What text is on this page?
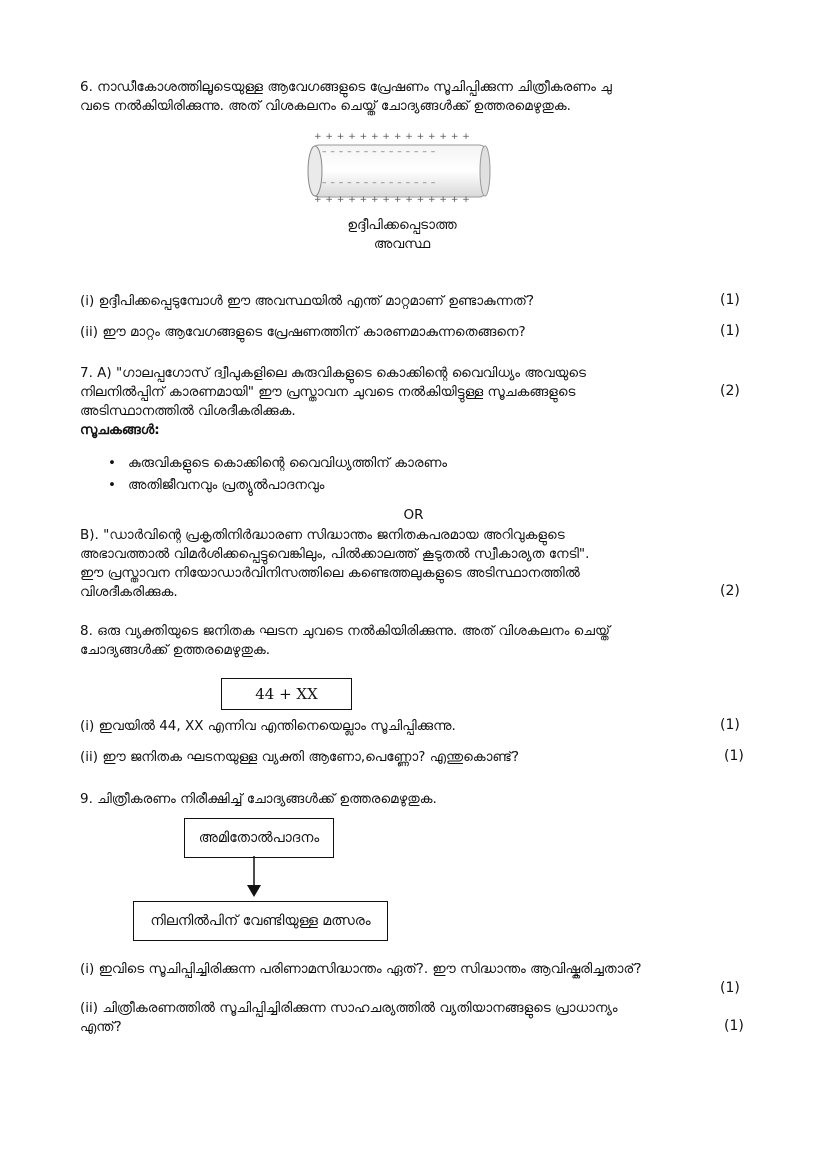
6. നാഡീകോശത്തിലൂടെയുള്ള ആവേഗങ്ങളുടെ പ്രേഷണം സൂചിപ്പിക്കുന്ന ചിത്രീകരണം ചു
വടെ നൽകിയിരിക്കുന്നു. അത് വിശകലനം ചെയ്ത് ചോദ്യങ്ങൾക്ക് ഉത്തരമെഴുതുക.
+ + + + + + + + + + + + + +
– – – – – – – – – – – – – –
– – – – – – – – – – – – – –
+ + + + + + + + + + + + + +
ഉദ്ദീപിക്കപ്പെടാത്ത
അവസ്ഥ
(i) ഉദ്ദീപിക്കപ്പെടുമ്പോൾ ഈ അവസ്ഥയിൽ എന്ത് മാറ്റമാണ് ഉണ്ടാകുന്നത്?	(1)
(ii) ഈ മാറ്റം ആവേഗങ്ങളുടെ പ്രേഷണത്തിന് കാരണമാകുന്നതെങ്ങനെ?	(1)
7. A) "ഗാലപ്പഗോസ് ദ്വീപുകളിലെ കുരുവികളുടെ കൊക്കിന്റെ വൈവിധ്യം അവയുടെ
നിലനിൽപ്പിന് കാരണമായി" ഈ പ്രസ്താവന ചുവടെ നൽകിയിട്ടുള്ള സൂചകങ്ങളുടെ	(2)
അടിസ്ഥാനത്തിൽ വിശദീകരിക്കുക.
സൂചകങ്ങൾ:
• കുരുവികളുടെ കൊക്കിന്റെ വൈവിധ്യത്തിന് കാരണം
• അതിജീവനവും പ്രത്യുൽപാദനവും
OR
B). "ഡാർവിന്റെ പ്രകൃതിനിർദ്ധാരണ സിദ്ധാന്തം ജനിതകപരമായ അറിവുകളുടെ
അഭാവത്താൽ വിമർശിക്കപ്പെട്ടുവെങ്കിലും, പിൽക്കാലത്ത് കൂടുതൽ സ്വീകാര്യത നേടി".
ഈ പ്രസ്താവന നിയോഡാർവിനിസത്തിലെ കണ്ടെത്തലുകളുടെ അടിസ്ഥാനത്തിൽ
വിശദീകരിക്കുക.	(2)
8. ഒരു വ്യക്തിയുടെ ജനിതക ഘടന ചുവടെ നൽകിയിരിക്കുന്നു. അത് വിശകലനം ചെയ്ത്
ചോദ്യങ്ങൾക്ക് ഉത്തരമെഴുതുക.
44 + XX
(i) ഇവയിൽ 44, XX എന്നിവ എന്തിനെയെല്ലാം സൂചിപ്പിക്കുന്നു.	(1)
(ii) ഈ ജനിതക ഘടനയുള്ള വ്യക്തി ആണോ,പെണ്ണോ? എന്തുകൊണ്ട്?	(1)
9. ചിത്രീകരണം നിരീക്ഷിച്ച് ചോദ്യങ്ങൾക്ക് ഉത്തരമെഴുതുക.
അമിതോൽപാദനം
നിലനിൽപിന് വേണ്ടിയുള്ള മത്സരം
(i) ഇവിടെ സൂചിപ്പിച്ചിരിക്കുന്ന പരിണാമസിദ്ധാന്തം ഏത്?. ഈ സിദ്ധാന്തം ആവിഷ്കരിച്ചതാര്?
(1)
(ii) ചിത്രീകരണത്തിൽ സൂചിപ്പിച്ചിരിക്കുന്ന സാഹചര്യത്തിൽ വ്യതിയാനങ്ങളുടെ പ്രാധാന്യം
എന്ത്?	(1)
